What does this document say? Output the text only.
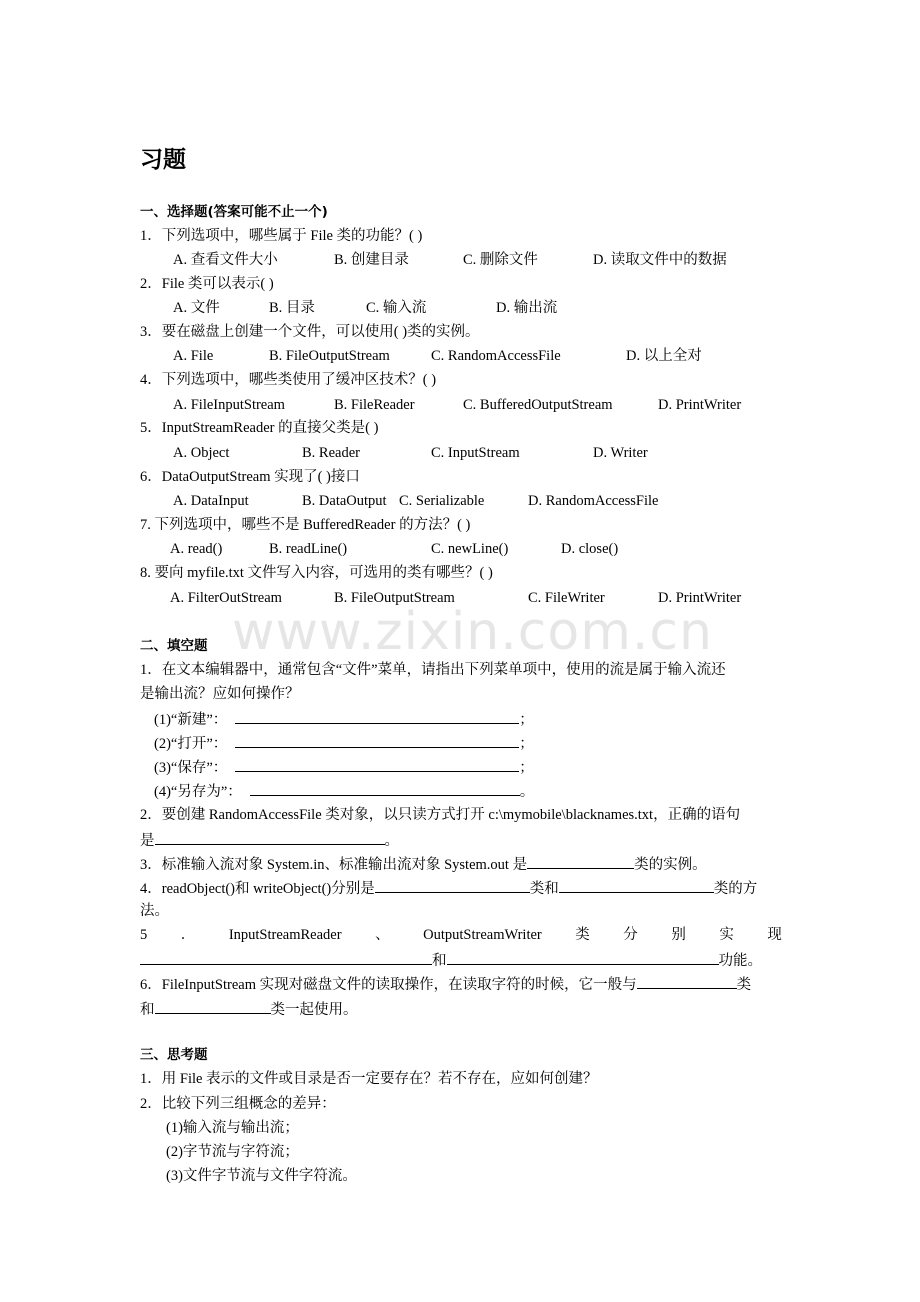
www.zixin.com.cn
习题
一、选择题(答案可能不止一个)
1．下列选项中，哪些属于 File 类的功能？( )
A. 查看文件大小	B. 创建目录	C. 删除文件	D. 读取文件中的数据
2．File 类可以表示( )
A. 文件	B. 目录	C. 输入流	D. 输出流
3．要在磁盘上创建一个文件，可以使用( )类的实例。
A. File	B. FileOutputStream	C. RandomAccessFile	D. 以上全对
4．下列选项中，哪些类使用了缓冲区技术？( )
A. FileInputStream	B. FileReader	C. BufferedOutputStream	D. PrintWriter
5．InputStreamReader 的直接父类是( )
A. Object	B. Reader	C. InputStream	D. Writer
6．DataOutputStream 实现了( )接口
A. DataInput	B. DataOutput C. Serializable	D. RandomAccessFile
7. 下列选项中，哪些不是 BufferedReader 的方法？( )
A. read()	B. readLine()	C. newLine()	D. close()
8. 要向 myfile.txt 文件写入内容，可选用的类有哪些？( )
A. FilterOutStream	B. FileOutputStream	C. FileWriter	D. PrintWriter
二、填空题
1．在文本编辑器中，通常包含“文件”菜单，请指出下列菜单项中，使用的流是属于输入流还
是输出流？应如何操作？
(1)“新建”：	；
(2)“打开”：	；
(3)“保存”：	；
(4)“另存为”：	。
2．要创建 RandomAccessFile 类对象，以只读方式打开 c:\mymobile\blacknames.txt，正确的语句
是	。
3．标准输入流对象 System.in、标准输出流对象 System.out 是	类的实例。
4．readObject()和 writeObject()分别是	类和	类的方
法。
5 ． InputStreamReader 、 OutputStreamWriter 类 分 别 实 现
和	功能。
6．FileInputStream 实现对磁盘文件的读取操作，在读取字符的时候，它一般与	类
和	类一起使用。
三、思考题
1．用 File 表示的文件或目录是否一定要存在？若不存在，应如何创建？
2．比较下列三组概念的差异：
(1)输入流与输出流；
(2)字节流与字符流；
(3)文件字节流与文件字符流。
